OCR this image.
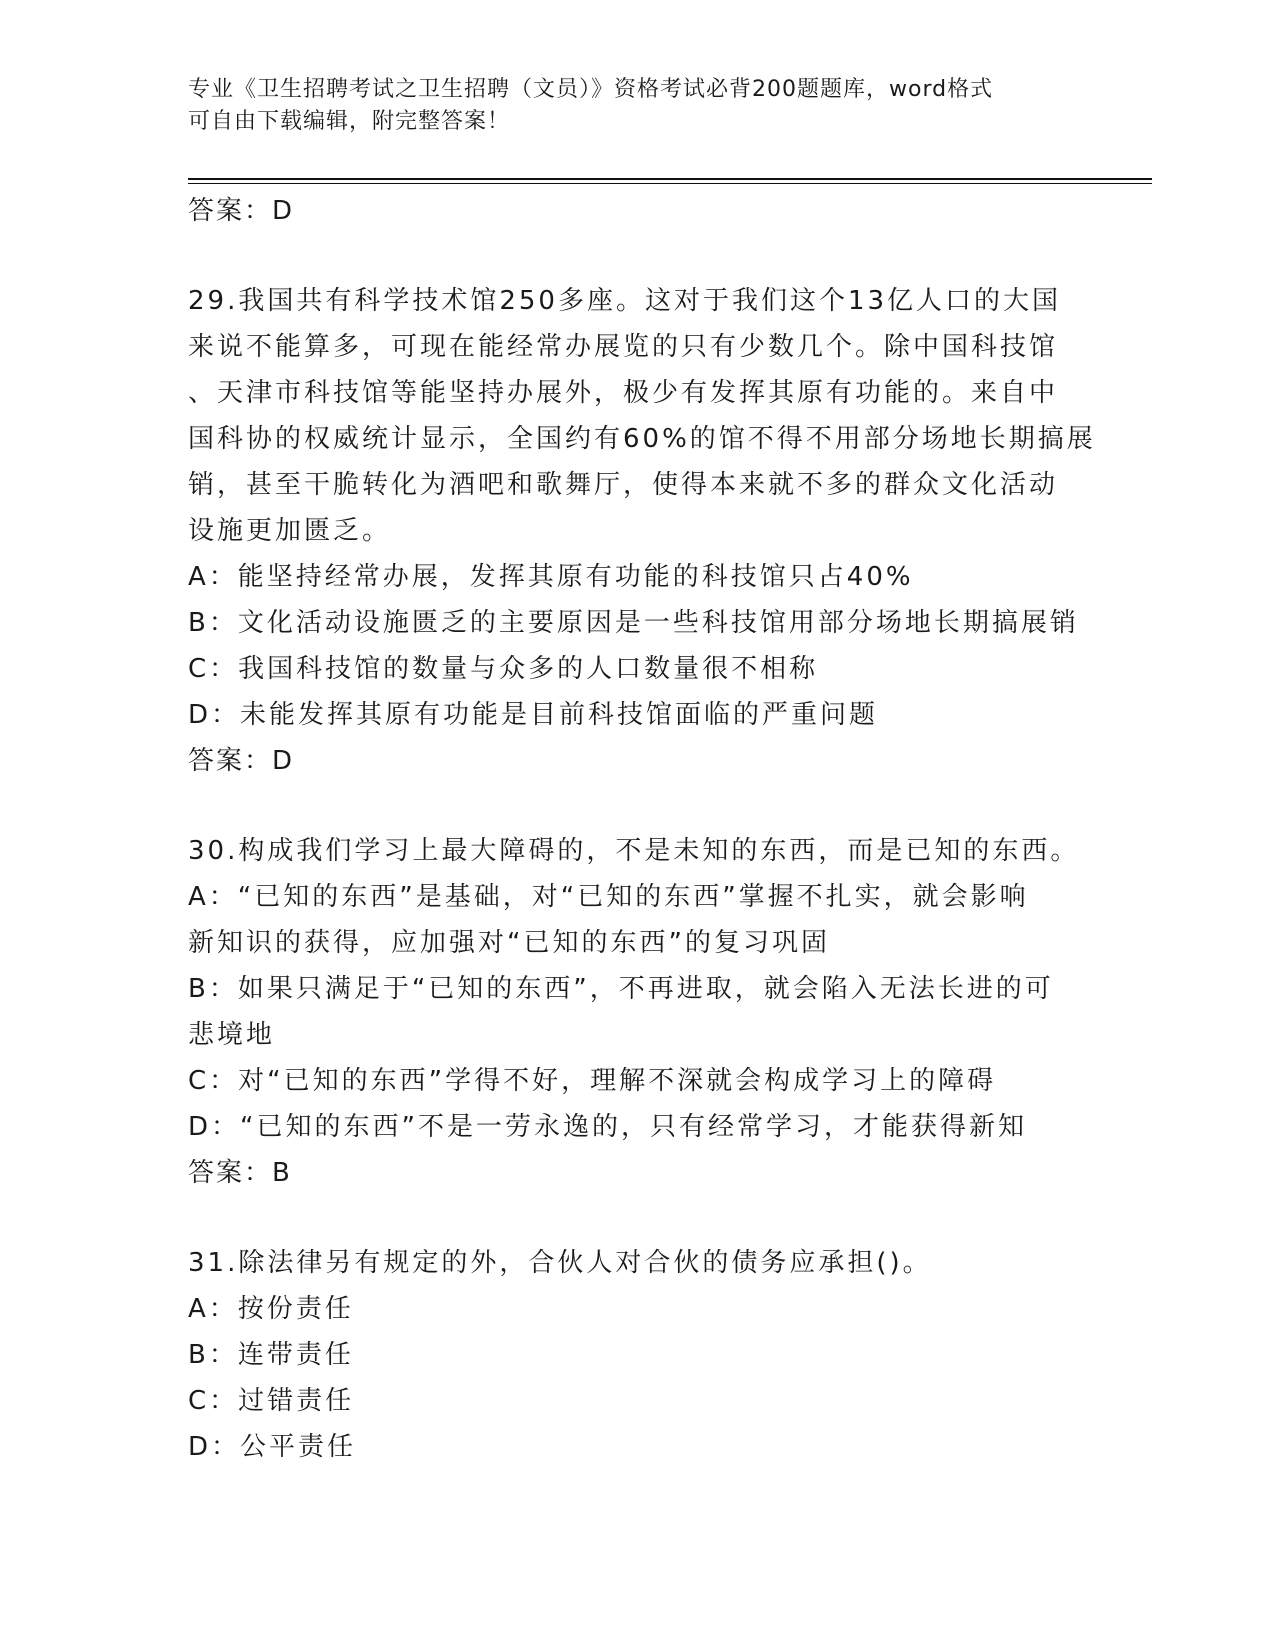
专业《卫生招聘考试之卫生招聘（文员）》资格考试必背200题题库，word格式
可自由下载编辑，附完整答案！
答案：D
29.我国共有科学技术馆250多座。这对于我们这个13亿人口的大国
来说不能算多，可现在能经常办展览的只有少数几个。除中国科技馆
、天津市科技馆等能坚持办展外，极少有发挥其原有功能的。来自中
国科协的权威统计显示，全国约有60%的馆不得不用部分场地长期搞展
销，甚至干脆转化为酒吧和歌舞厅，使得本来就不多的群众文化活动
设施更加匮乏。
A：能坚持经常办展，发挥其原有功能的科技馆只占40%
B：文化活动设施匮乏的主要原因是一些科技馆用部分场地长期搞展销
C：我国科技馆的数量与众多的人口数量很不相称
D：未能发挥其原有功能是目前科技馆面临的严重问题
答案：D
30.构成我们学习上最大障碍的，不是未知的东西，而是已知的东西。
A：“已知的东西”是基础，对“已知的东西”掌握不扎实，就会影响
新知识的获得，应加强对“已知的东西”的复习巩固
B：如果只满足于“已知的东西”，不再进取，就会陷入无法长进的可
悲境地
C：对“已知的东西”学得不好，理解不深就会构成学习上的障碍
D：“已知的东西”不是一劳永逸的，只有经常学习，才能获得新知
答案：B
31.除法律另有规定的外，合伙人对合伙的债务应承担()。
A：按份责任
B：连带责任
C：过错责任
D：公平责任
